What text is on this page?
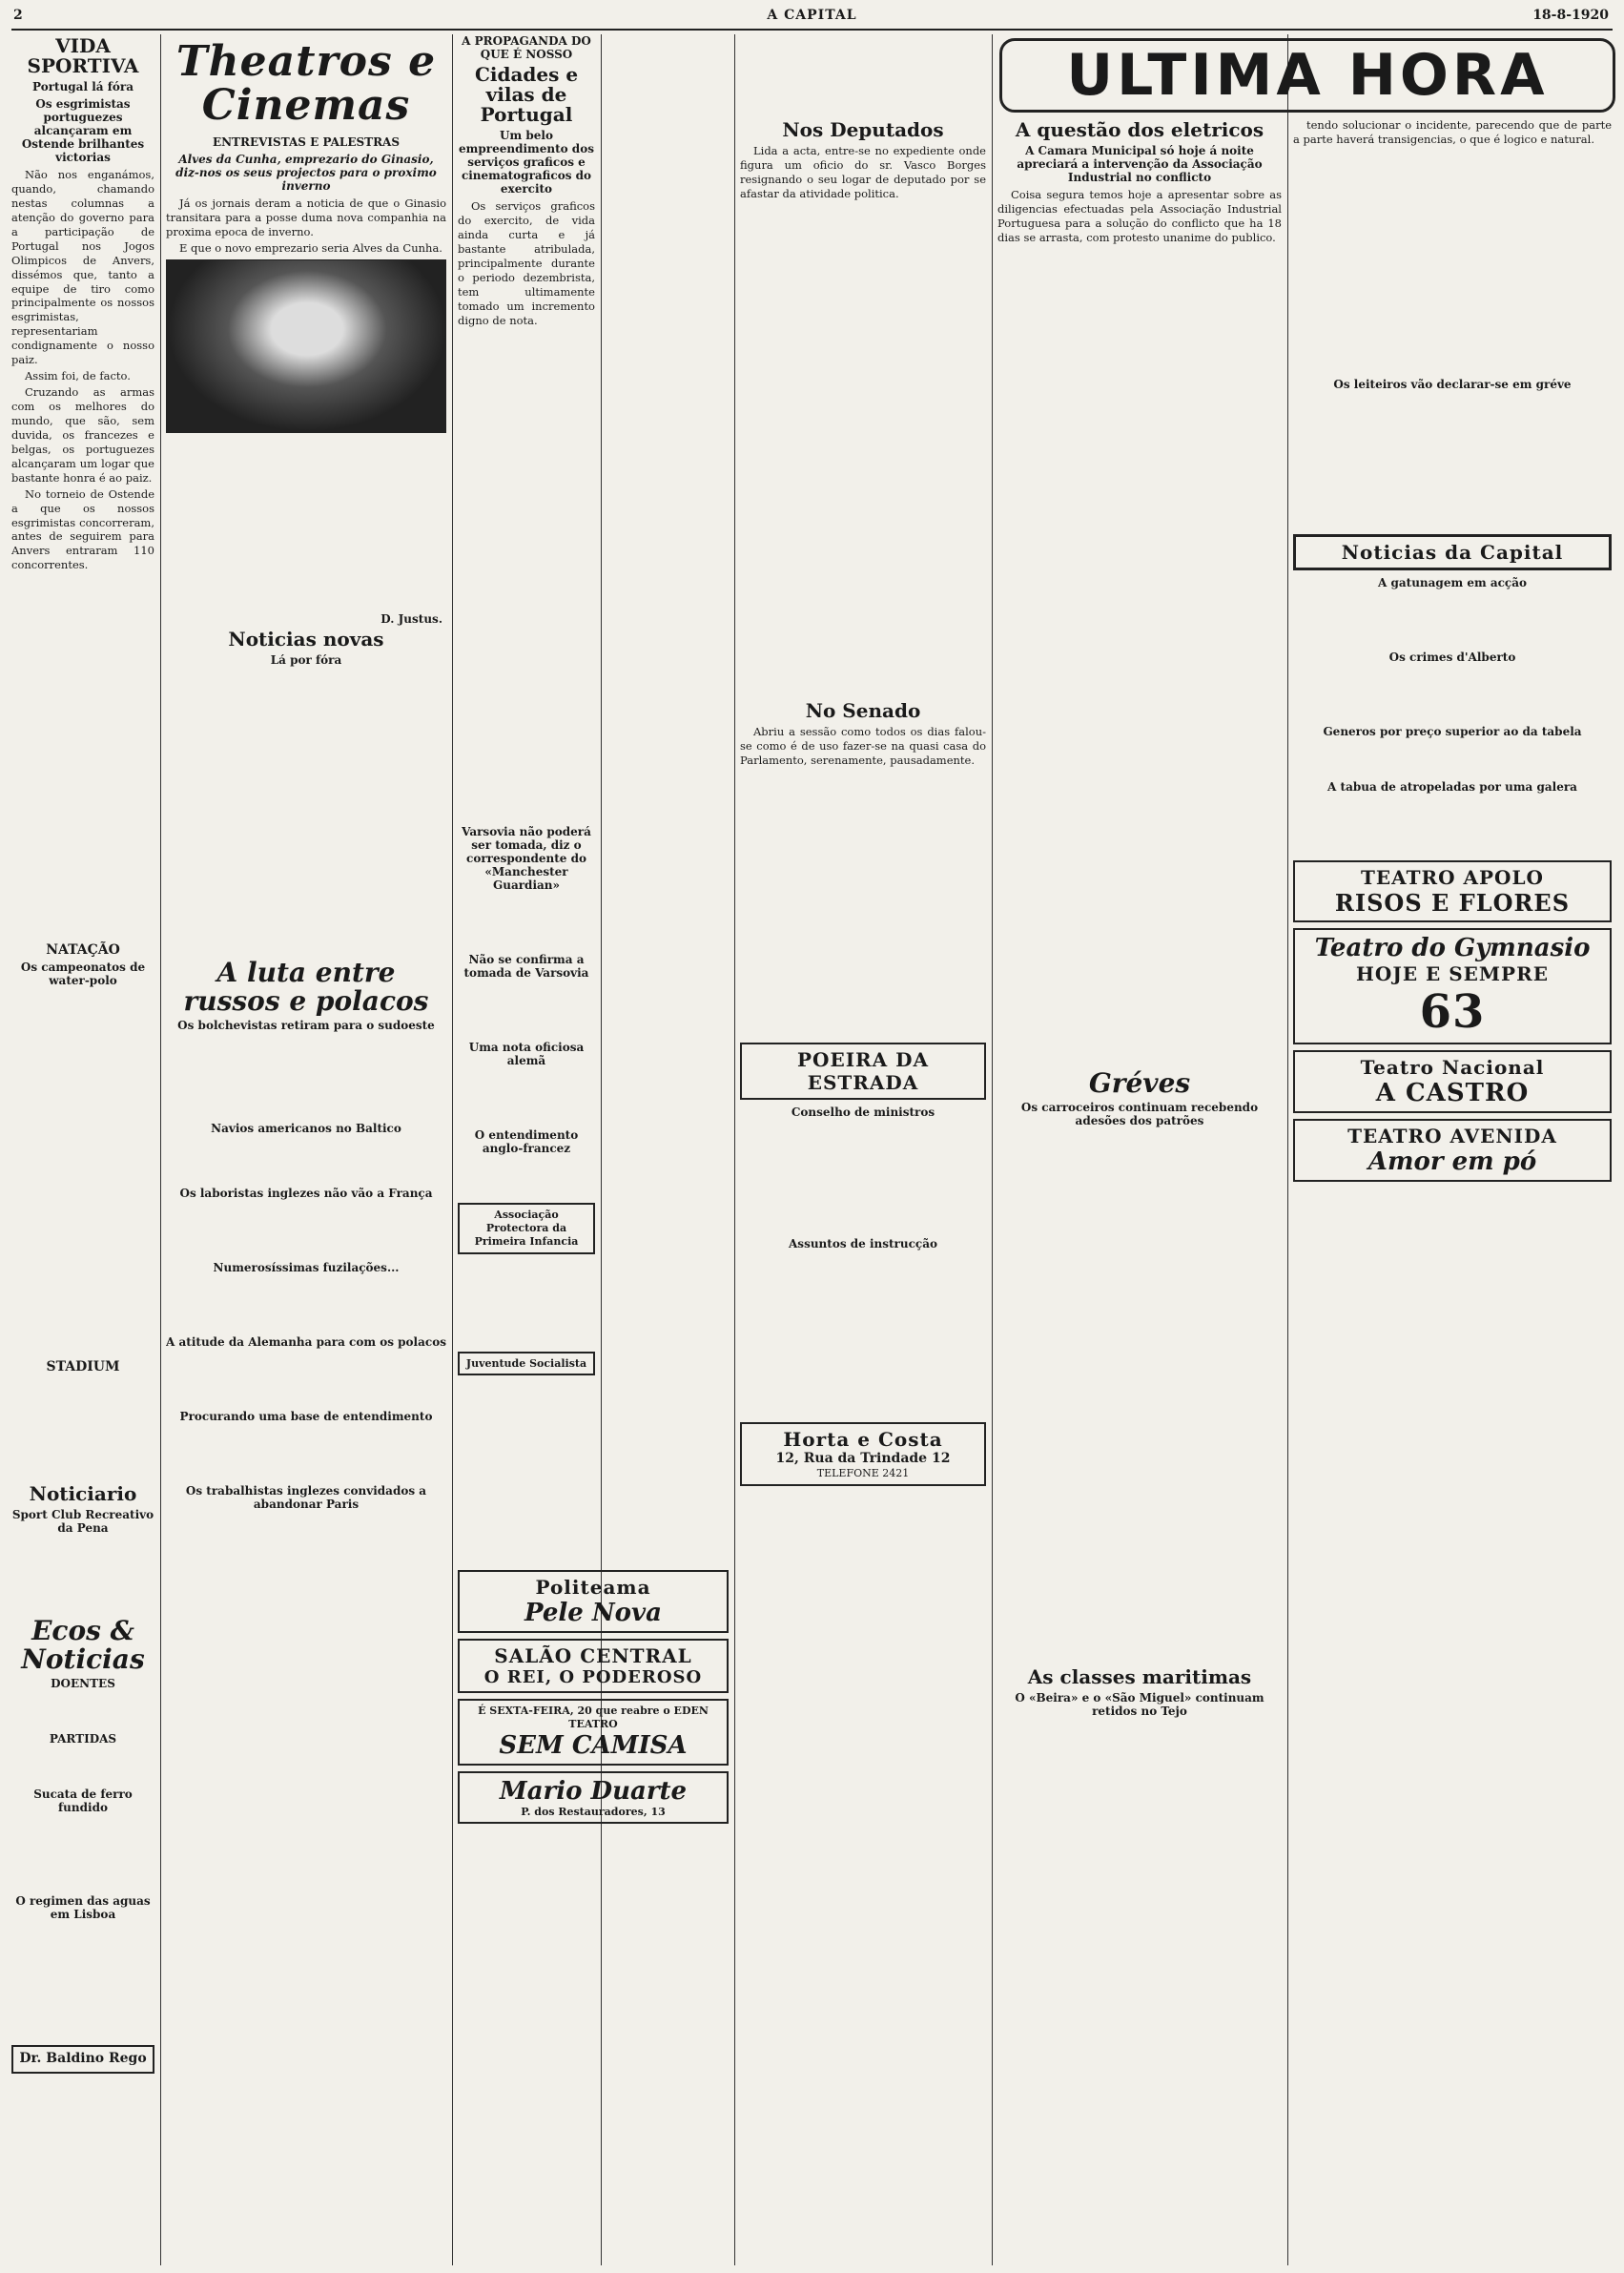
2	A CAPITAL	18-8-1920
VIDA SPORTIVA
Portugal lá fóra
Os esgrimistas portuguezes alcançaram em Ostende brilhantes victorias

Não nos enganámos, quando, chamando nestas columnas a atenção do governo para a participação de Portugal nos Jogos Olimpicos de Anvers, dissémos que, tanto a equipe de tiro como principalmente os nossos esgrimistas, representariam condignamente o nosso paiz.

Assim foi, de facto.

Cruzando as armas com os melhores do mundo, que são, sem duvida, os francezes e belgas, os portuguezes alcançaram um logar que bastante honra é ao paiz.

No torneio de Ostende a que os nossos esgrimistas concorreram, antes de seguirem para Anvers entraram 110 concorrentes.

NATAÇÃO
Os campeonatos de water-polo
STADIUM
Noticiario
Sport Club Recreativo da Pena
Ecos & Noticias
DOENTES
PARTIDAS
Sucata de ferro fundido
O regimen das aguas em Lisboa
Dr. Baldino Rego
Theatros e Cinemas
ENTREVISTAS E PALESTRAS
Alves da Cunha, emprezario do Ginasio, diz-nos os seus projectos para o proximo inverno

Já os jornais deram a noticia de que o Ginasio transitara para a posse duma nova companhia na proxima epoca de inverno.

E que o novo emprezario seria Alves da Cunha.

D. Justus.
Noticias novas
Lá por fóra
A luta entre russos e polacos
Os bolchevistas retiram para o sudoeste
Navios americanos no Baltico
Os laboristas inglezes não vão a França
Numerosíssimas fuzilações...
A atitude da Alemanha para com os polacos
Procurando uma base de entendimento
Os trabalhistas inglezes convidados a abandonar Paris
A PROPAGANDA DO QUE É NOSSO
Cidades e vilas de Portugal
Um belo empreendimento dos serviços graficos e cinematograficos do exercito

Os serviços graficos do exercito, de vida ainda curta e já bastante atribulada, principalmente durante o periodo dezembrista, tem ultimamente tomado um incremento digno de nota.

Varsovia não poderá ser tomada, diz o correspondente do «Manchester Guardian»
Não se confirma a tomada de Varsovia
Uma nota oficiosa alemã
O entendimento anglo-francez
Associação Protectora da Primeira Infancia
Juventude Socialista
ULTIMA HORA
Nos Deputados

Lida a acta, entre-se no expediente onde figura um oficio do sr. Vasco Borges resignando o seu logar de deputado por se afastar da atividade politica.

No Senado

Abriu a sessão como todos os dias falou-se como é de uso fazer-se na quasi casa do Parlamento, serenamente, pausadamente.

POEIRA DA ESTRADA
Conselho de ministros
Assuntos de instrucção
Horta e Costa
12, Rua da Trindade 12
TELEFONE 2421
Politeama
Pele Nova
SALÃO CENTRAL
O REI, O PODEROSO
É SEXTA-FEIRA, 20 que reabre o EDEN TEATRO
SEM CAMISA
Mario Duarte
P. dos Restauradores, 13
A questão dos eletricos
A Camara Municipal só hoje á noite apreciará a intervenção da Associação Industrial no conflicto

Coisa segura temos hoje a apresentar sobre as diligencias efectuadas pela Associação Industrial Portuguesa para a solução do conflicto que ha 18 dias se arrasta, com protesto unanime do publico.

Gréves
Os carroceiros continuam recebendo adesões dos patrões
As classes maritimas
O «Beira» e o «São Miguel» continuam retidos no Tejo

tendo solucionar o incidente, parecendo que de parte a parte haverá transigencias, o que é logico e natural.

Os leiteiros vão declarar-se em gréve
Noticias da Capital
A gatunagem em acção
Os crimes d'Alberto
Generos por preço superior ao da tabela
A tabua de atropeladas por uma galera
TEATRO APOLO
RISOS E FLORES
Teatro do Gymnasio
HOJE E SEMPRE
63
Teatro Nacional
A CASTRO
TEATRO AVENIDA
Amor em pó
